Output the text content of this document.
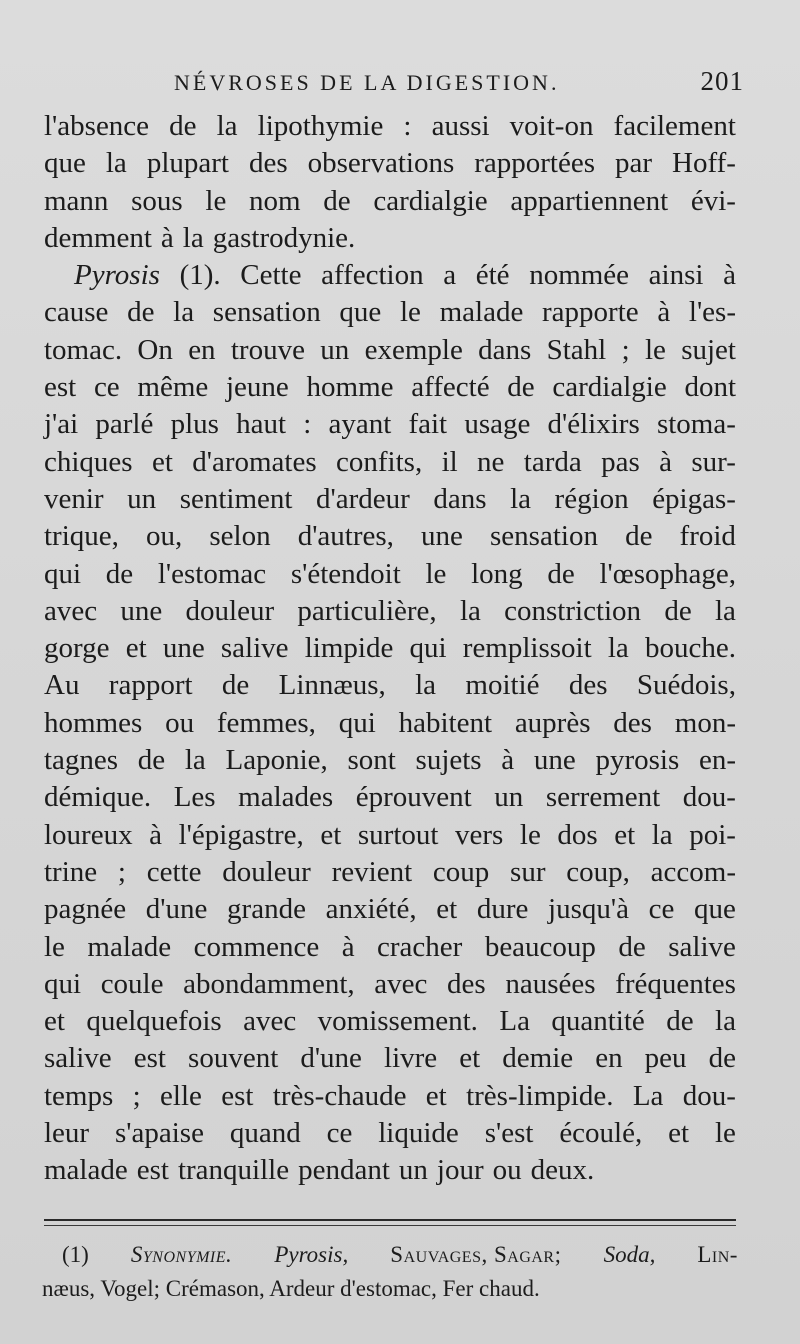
NÉVROSES DE LA DIGESTION.	201
l'absence de la lipothymie : aussi voit-on facilement
que la plupart des observations rapportées par Hoff-
mann sous le nom de cardialgie appartiennent évi-
demment à la gastrodynie.
Pyrosis (1). Cette affection a été nommée ainsi à
cause de la sensation que le malade rapporte à l'es-
tomac. On en trouve un exemple dans Stahl ; le sujet
est ce même jeune homme affecté de cardialgie dont
j'ai parlé plus haut : ayant fait usage d'élixirs stoma-
chiques et d'aromates confits, il ne tarda pas à sur-
venir un sentiment d'ardeur dans la région épigas-
trique, ou, selon d'autres, une sensation de froid
qui de l'estomac s'étendoit le long de l'œsophage,
avec une douleur particulière, la constriction de la
gorge et une salive limpide qui remplissoit la bouche.
Au rapport de Linnæus, la moitié des Suédois,
hommes ou femmes, qui habitent auprès des mon-
tagnes de la Laponie, sont sujets à une pyrosis en-
démique. Les malades éprouvent un serrement dou-
loureux à l'épigastre, et surtout vers le dos et la poi-
trine ; cette douleur revient coup sur coup, accom-
pagnée d'une grande anxiété, et dure jusqu'à ce que
le malade commence à cracher beaucoup de salive
qui coule abondamment, avec des nausées fréquentes
et quelquefois avec vomissement. La quantité de la
salive est souvent d'une livre et demie en peu de
temps ; elle est très-chaude et très-limpide. La dou-
leur s'apaise quand ce liquide s'est écoulé, et le
malade est tranquille pendant un jour ou deux.
(1) Synonymie. Pyrosis, Sauvages, Sagar; Soda, Lin-
næus, Vogel; Crémason, Ardeur d'estomac, Fer chaud.
